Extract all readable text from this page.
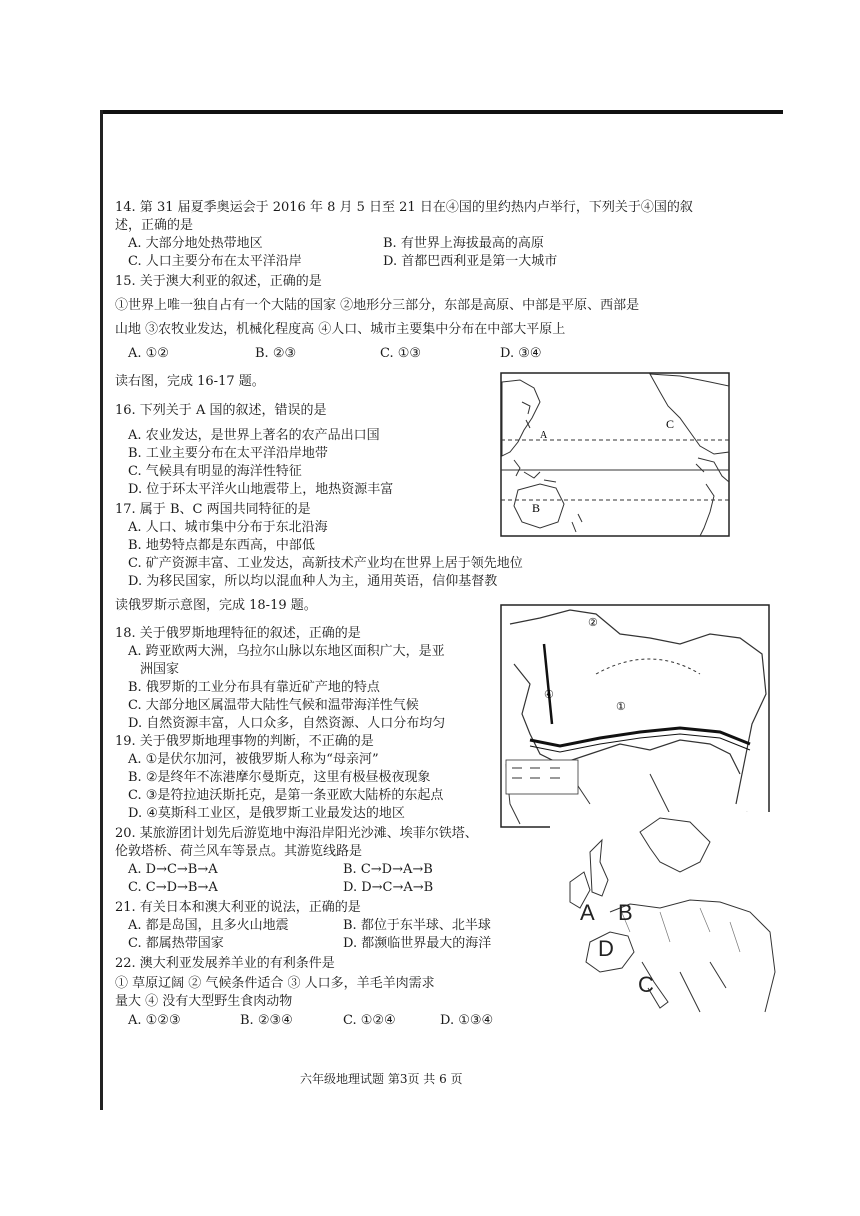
14. 第 31 届夏季奥运会于 2016 年 8 月 5 日至 21 日在④国的里约热内卢举行，下列关于④国的叙
述，正确的是
A. 大部分地处热带地区	B. 有世界上海拔最高的高原
C. 人口主要分布在太平洋沿岸	D. 首都巴西利亚是第一大城市
15. 关于澳大利亚的叙述，正确的是
①世界上唯一独自占有一个大陆的国家 ②地形分三部分，东部是高原、中部是平原、西部是
山地 ③农牧业发达，机械化程度高 ④人口、城市主要集中分布在中部大平原上
A. ①②	B. ②③	C. ①③	D. ③④
读右图，完成 16-17 题。
16. 下列关于 A 国的叙述，错误的是
A. 农业发达，是世界上著名的农产品出口国
B. 工业主要分布在太平洋沿岸地带
C. 气候具有明显的海洋性特征
D. 位于环太平洋火山地震带上，地热资源丰富
17. 属于 B、C 两国共同特征的是
A. 人口、城市集中分布于东北沿海
B. 地势特点都是东西高，中部低
C. 矿产资源丰富、工业发达，高新技术产业均在世界上居于领先地位
D. 为移民国家，所以均以混血种人为主，通用英语，信仰基督教
读俄罗斯示意图，完成 18-19 题。
18. 关于俄罗斯地理特征的叙述，正确的是
A. 跨亚欧两大洲，乌拉尔山脉以东地区面积广大，是亚
洲国家
B. 俄罗斯的工业分布具有靠近矿产地的特点
C. 大部分地区属温带大陆性气候和温带海洋性气候
D. 自然资源丰富，人口众多，自然资源、人口分布均匀
19. 关于俄罗斯地理事物的判断，不正确的是
A. ①是伏尔加河，被俄罗斯人称为“母亲河”
B. ②是终年不冻港摩尔曼斯克，这里有极昼极夜现象
C. ③是符拉迪沃斯托克，是第一条亚欧大陆桥的东起点
D. ④莫斯科工业区，是俄罗斯工业最发达的地区
20. 某旅游团计划先后游览地中海沿岸阳光沙滩、埃菲尔铁塔、
伦敦塔桥、荷兰风车等景点。其游览线路是
A. D→C→B→A	B. C→D→A→B
C. C→D→B→A	D. D→C→A→B
21. 有关日本和澳大利亚的说法，正确的是
A. 都是岛国，且多火山地震	B. 都位于东半球、北半球
C. 都属热带国家	D. 都濒临世界最大的海洋
22. 澳大利亚发展养羊业的有利条件是
① 草原辽阔 ② 气候条件适合 ③ 人口多，羊毛羊肉需求
量大 ④ 没有大型野生食肉动物
A. ①②③	B. ②③④	C. ①②④	D. ①③④
C
A
B
②
④
①
A B
D
C
六年级地理试题 第3页 共 6 页
